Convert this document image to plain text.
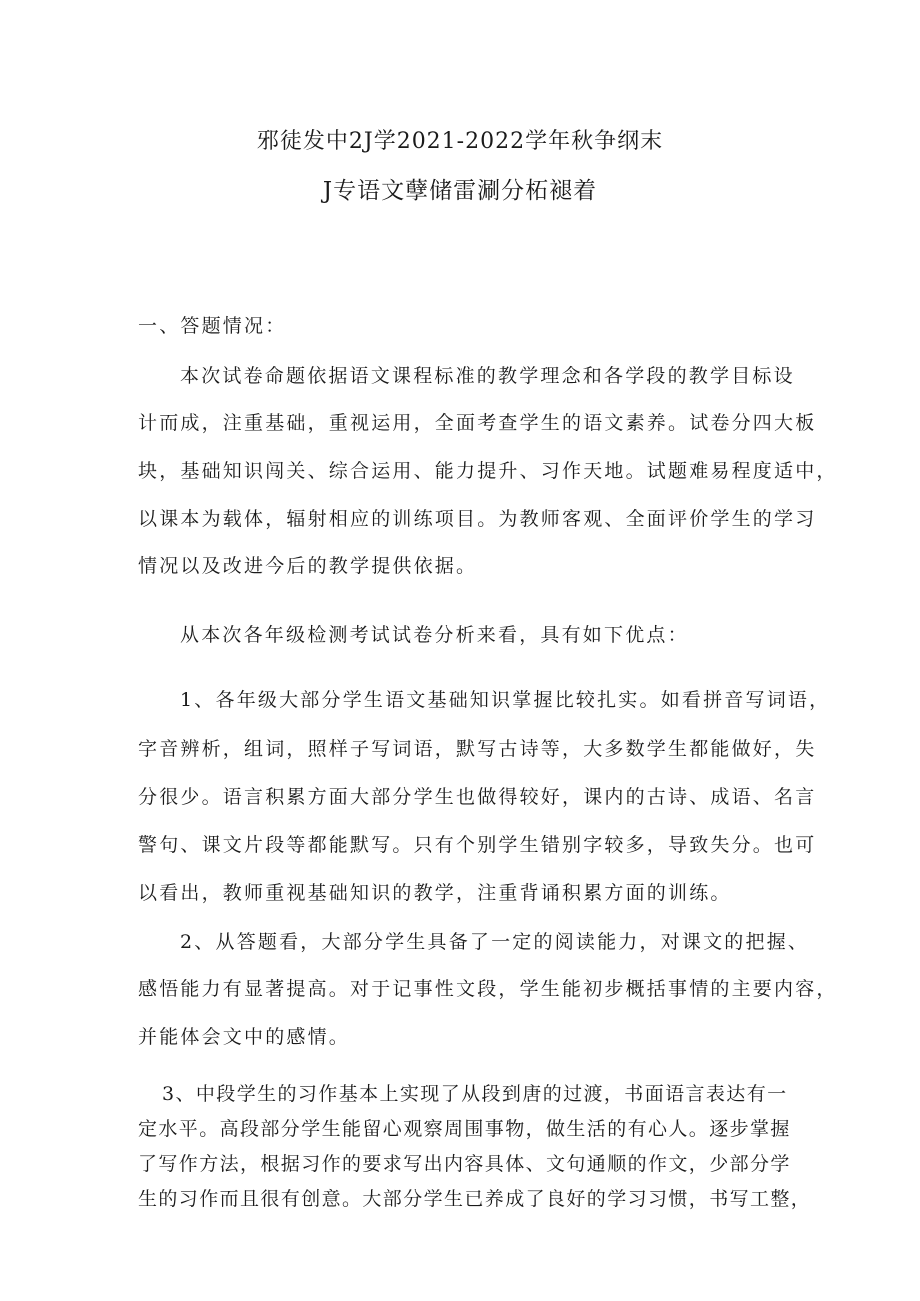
邪徒发中2J学2021-2022学年秋争纲末
J专语文孽储雷涮分柘褪着
一、答题情况：
本次试卷命题依据语文课程标准的教学理念和各学段的教学目标设
计而成，注重基础，重视运用，全面考查学生的语文素养。试卷分四大板
块，基础知识闯关、综合运用、能力提升、习作天地。试题难易程度适中，
以课本为载体，辐射相应的训练项目。为教师客观、全面评价学生的学习
情况以及改进今后的教学提供依据。
从本次各年级检测考试试卷分析来看，具有如下优点：
1、各年级大部分学生语文基础知识掌握比较扎实。如看拼音写词语，
字音辨析，组词，照样子写词语，默写古诗等，大多数学生都能做好，失
分很少。语言积累方面大部分学生也做得较好，课内的古诗、成语、名言
警句、课文片段等都能默写。只有个别学生错别字较多，导致失分。也可
以看出，教师重视基础知识的教学，注重背诵积累方面的训练。
2、从答题看，大部分学生具备了一定的阅读能力，对课文的把握、
感悟能力有显著提高。对于记事性文段，学生能初步概括事情的主要内容，
并能体会文中的感情。
3、中段学生的习作基本上实现了从段到唐的过渡，书面语言表达有一
定水平。高段部分学生能留心观察周围事物，做生活的有心人。逐步掌握
了写作方法，根据习作的要求写出内容具体、文句通顺的作文，少部分学
生的习作而且很有创意。大部分学生已养成了良好的学习习惯，书写工整，
